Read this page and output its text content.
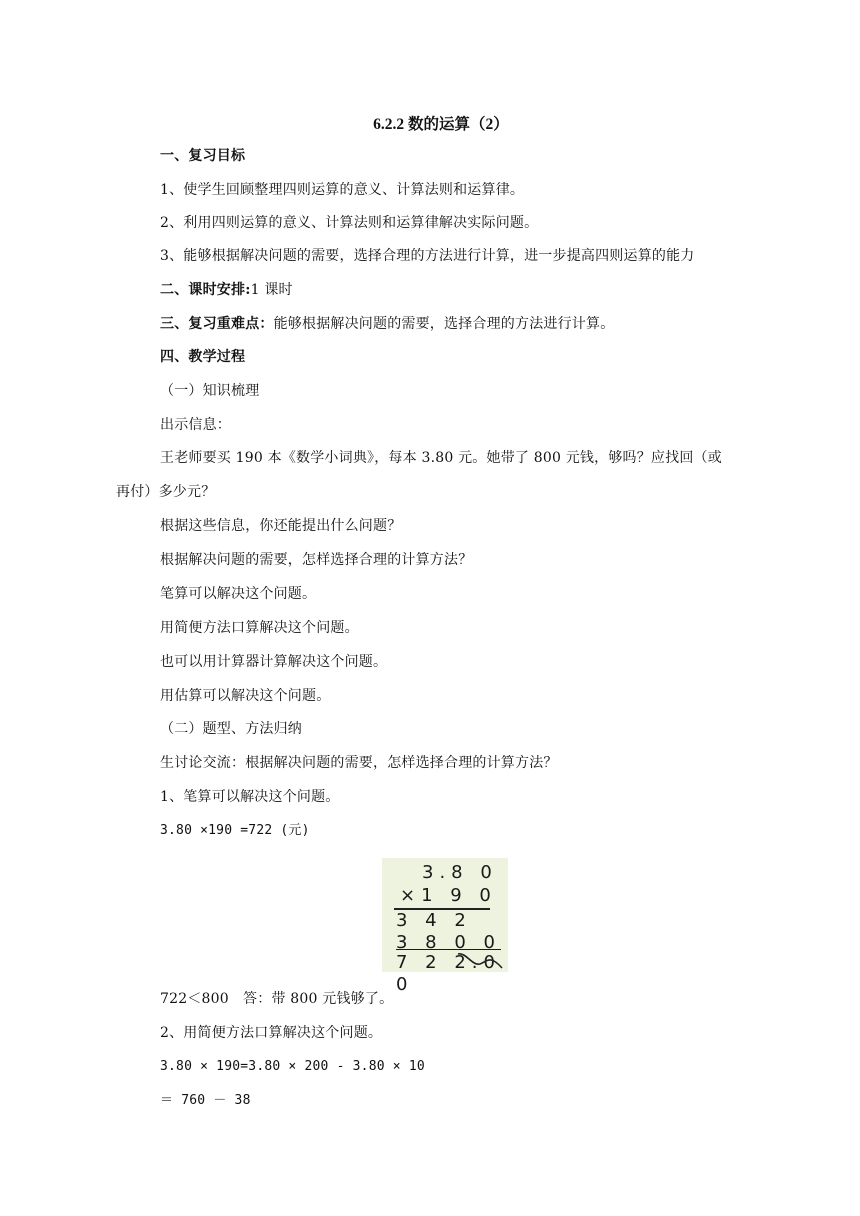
6.2.2 数的运算（2）
一、复习目标
1、使学生回顾整理四则运算的意义、计算法则和运算律。
2、利用四则运算的意义、计算法则和运算律解决实际问题。
3、能够根据解决问题的需要，选择合理的方法进行计算，进一步提高四则运算的能力
二、课时安排:1 课时
三、复习重难点：能够根据解决问题的需要，选择合理的方法进行计算。
四、教学过程
（一）知识梳理
出示信息：
王老师要买 190 本《数学小词典》，每本 3.80 元。她带了 800 元钱，够吗？应找回（或
再付）多少元？
根据这些信息，你还能提出什么问题？
根据解决问题的需要，怎样选择合理的计算方法？
笔算可以解决这个问题。
用简便方法口算解决这个问题。
也可以用计算器计算解决这个问题。
用估算可以解决这个问题。
（二）题型、方法归纳
生讨论交流：根据解决问题的需要，怎样选择合理的计算方法？
1、笔算可以解决这个问题。
3.80 ×190 =722 (元)
3.8 0
×1 9 0
3 4 2
3 8 0 0
7 2 2.0 0
722＜800　答：带 800 元钱够了。
2、用简便方法口算解决这个问题。
3.80 × 190=3.80 × 200 - 3.80 × 10
＝ 760 － 38
